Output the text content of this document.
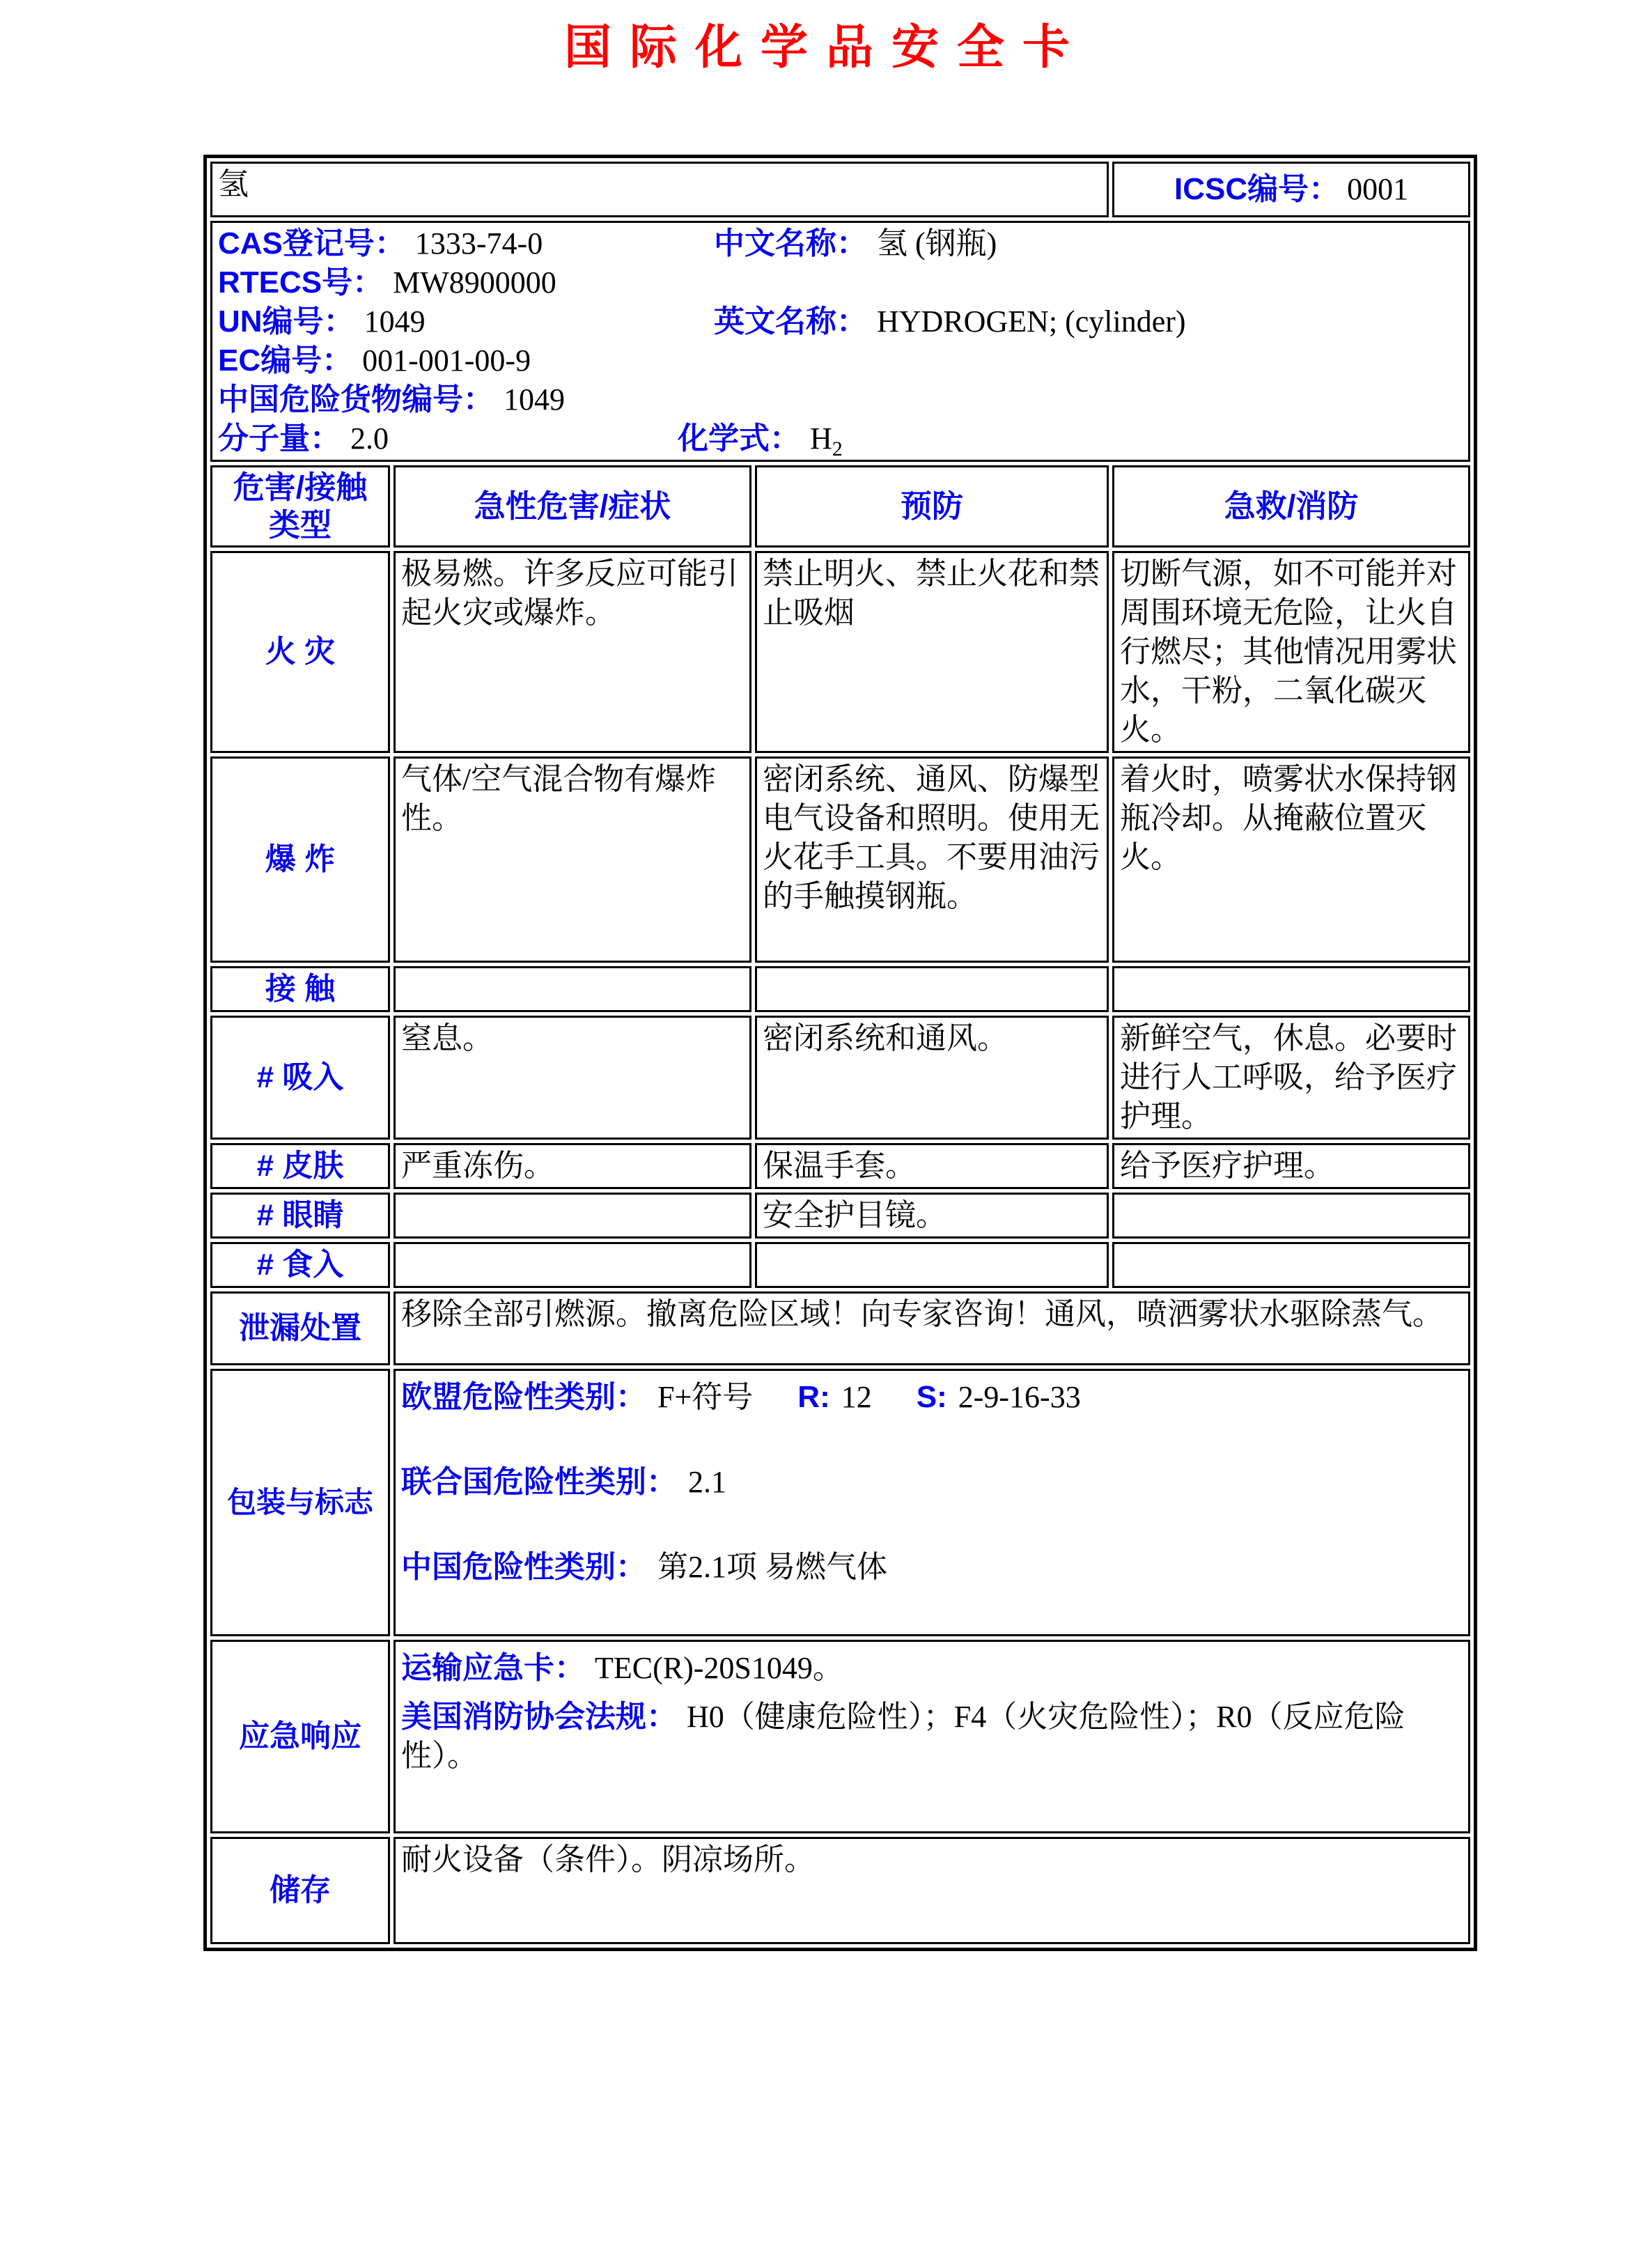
国际化学品安全卡
氢			ICSC编号： 0001

CAS登记号： 1333-74-0
RTECS号： MW8900000
UN编号： 1049
EC编号： 001-001-00-9
中国危险货物编号： 1049
分子量： 2.0	化学式： $H_2$
中文名称： 氢 (钢瓶)
英文名称： HYDROGEN; (cylinder)

危害/接触
类型	急性危害/症状	预防	急救/消防
火 灾	极易燃。许多反应可能引起火灾或爆炸。	禁止明火、禁止火花和禁止吸烟	切断气源，如不可能并对周围环境无危险，让火自行燃尽；其他情况用雾状水，干粉，二氧化碳灭火。
爆 炸	气体/空气混合物有爆炸性。	密闭系统、通风、防爆型电气设备和照明。使用无火花手工具。不要用油污的手触摸钢瓶。	着火时，喷雾状水保持钢瓶冷却。从掩蔽位置灭火。
接 触			
# 吸入	窒息。	密闭系统和通风。	新鲜空气，休息。必要时进行人工呼吸，给予医疗护理。
# 皮肤	严重冻伤。	保温手套。	给予医疗护理。
# 眼睛		安全护目镜。	
# 食入			
泄漏处置	移除全部引燃源。撤离危险区域！向专家咨询！通风，喷洒雾状水驱除蒸气。		
包装与标志	欧盟危险性类别： F+符号 R: 12 S: 2-9-16-33
联合国危险性类别： 2.1
中国危险性类别： 第2.1项 易燃气体		

应急响应	运输应急卡： TEC(R)-20S1049。
美国消防协会法规： H0（健康危险性）；F4（火灾危险性）；R0（反应危险性）。		

储存	耐火设备（条件）。阴凉场所。		
